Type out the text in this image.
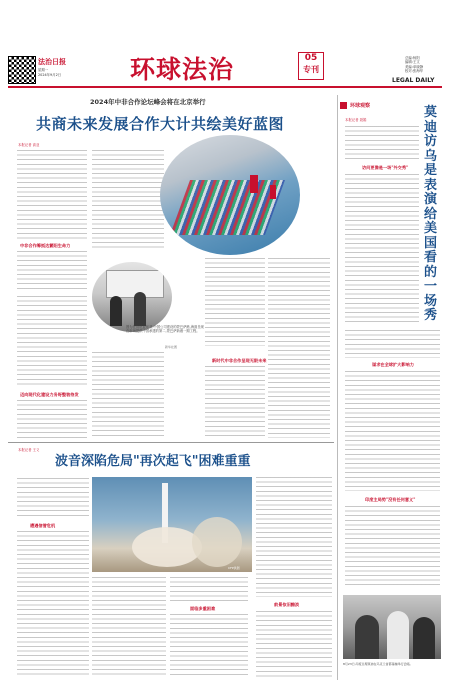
法治日报
星期一
2024年9月2日	环球法治	05
专刊
总编:杨阳
编辑:王文
美编:单晓静
校对:张海华
LEGAL DAILY
2024年中非合作论坛峰会将在北京举行
共商未来发展合作大计共绘美好蓝图
本报记者 高亚
中非合作筹抵达繁阳生命力
图为在肯尼亚东非,中国公司建设的蒙巴萨港,海面呈现在市场提供中国承建的第二,蒙巴萨新港一期工程。
新华社图
迈向现代化建设力务呀整装待发
新时代中非合作呈现无限未来
环球观察
本报记者 聂娟	莫迪访乌是表演给美国看的一场秀
访问更像是一场"外交秀"
谋求在全球扩大影响力
印度主局势"没有任何意义"
8月23日,印度总理莫迪在乌克兰首都基辅举行会晤。
本报记者 王义
波音深陷危局"再次起飞"困难重重
遭遇信誉危机
CFP供图
面临多重困难
前景依旧黯淡
